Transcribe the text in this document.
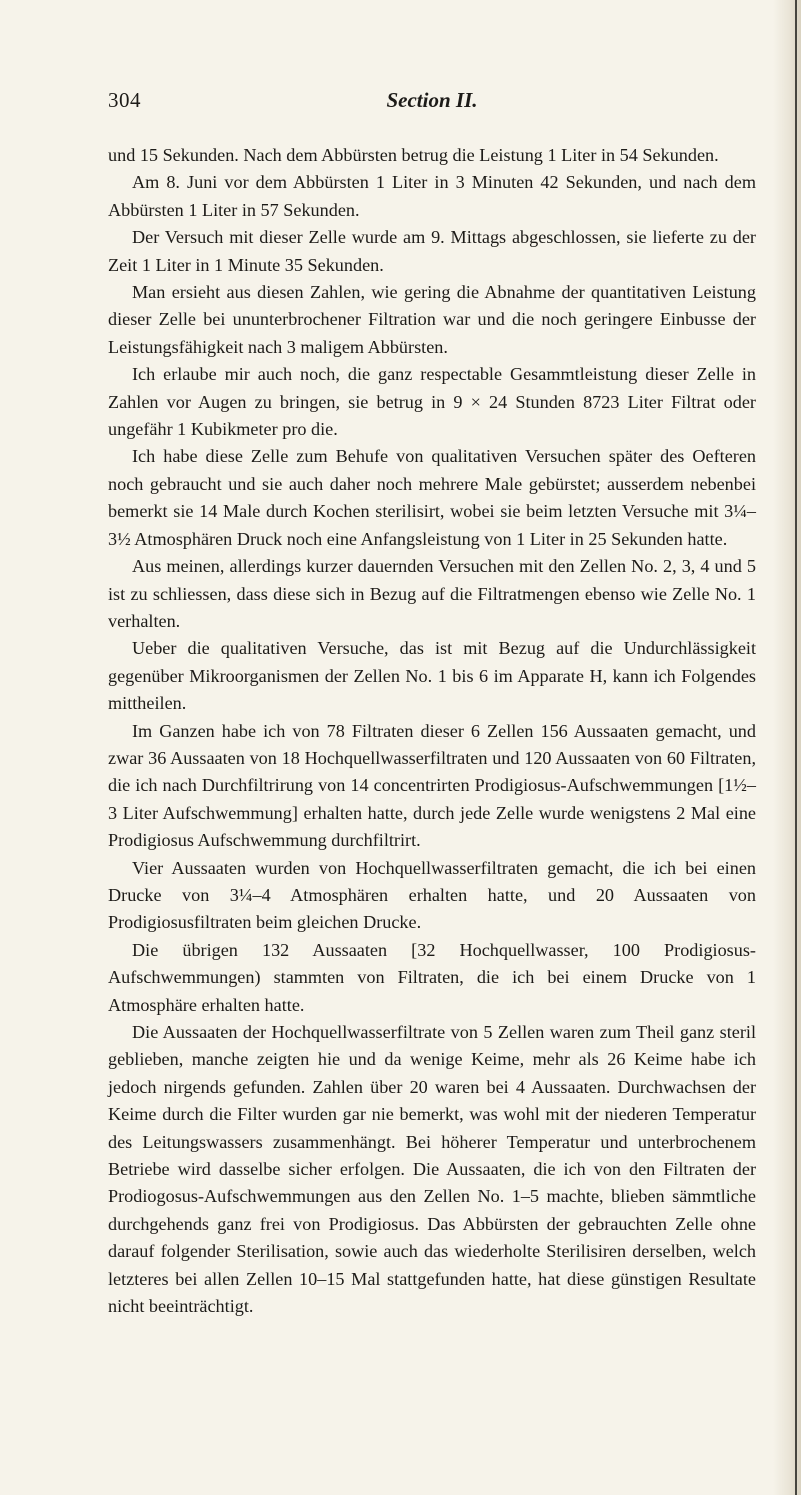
304	Section II.

und 15 Sekunden. Nach dem Abbürsten betrug die Leistung 1 Liter in 54 Sekunden.

Am 8. Juni vor dem Abbürsten 1 Liter in 3 Minuten 42 Sekunden, und nach dem Abbürsten 1 Liter in 57 Sekunden.

Der Versuch mit dieser Zelle wurde am 9. Mittags abgeschlossen, sie lieferte zu der Zeit 1 Liter in 1 Minute 35 Sekunden.

Man ersieht aus diesen Zahlen, wie gering die Abnahme der quantitativen Leistung dieser Zelle bei ununterbrochener Filtration war und die noch geringere Einbusse der Leistungsfähigkeit nach 3 maligem Abbürsten.

Ich erlaube mir auch noch, die ganz respectable Gesammtleistung dieser Zelle in Zahlen vor Augen zu bringen, sie betrug in 9 × 24 Stunden 8723 Liter Filtrat oder ungefähr 1 Kubikmeter pro die.

Ich habe diese Zelle zum Behufe von qualitativen Versuchen später des Oefteren noch gebraucht und sie auch daher noch mehrere Male gebürstet; ausserdem nebenbei bemerkt sie 14 Male durch Kochen sterilisirt, wobei sie beim letzten Versuche mit 3¼–3½ Atmosphären Druck noch eine Anfangsleistung von 1 Liter in 25 Sekunden hatte.

Aus meinen, allerdings kurzer dauernden Versuchen mit den Zellen No. 2, 3, 4 und 5 ist zu schliessen, dass diese sich in Bezug auf die Filtratmengen ebenso wie Zelle No. 1 verhalten.

Ueber die qualitativen Versuche, das ist mit Bezug auf die Undurchlässigkeit gegenüber Mikroorganismen der Zellen No. 1 bis 6 im Apparate H, kann ich Folgendes mittheilen.

Im Ganzen habe ich von 78 Filtraten dieser 6 Zellen 156 Aussaaten gemacht, und zwar 36 Aussaaten von 18 Hochquellwasserfiltraten und 120 Aussaaten von 60 Filtraten, die ich nach Durchfiltrirung von 14 concentrirten Prodigiosus-Aufschwemmungen [1½–3 Liter Aufschwemmung] erhalten hatte, durch jede Zelle wurde wenigstens 2 Mal eine Prodigiosus Aufschwemmung durchfiltrirt.

Vier Aussaaten wurden von Hochquellwasserfiltraten gemacht, die ich bei einen Drucke von 3¼–4 Atmosphären erhalten hatte, und 20 Aussaaten von Prodigiosusfiltraten beim gleichen Drucke.

Die übrigen 132 Aussaaten [32 Hochquellwasser, 100 Prodigiosus-Aufschwemmungen) stammten von Filtraten, die ich bei einem Drucke von 1 Atmosphäre erhalten hatte.

Die Aussaaten der Hochquellwasserfiltrate von 5 Zellen waren zum Theil ganz steril geblieben, manche zeigten hie und da wenige Keime, mehr als 26 Keime habe ich jedoch nirgends gefunden. Zahlen über 20 waren bei 4 Aussaaten. Durchwachsen der Keime durch die Filter wurden gar nie bemerkt, was wohl mit der niederen Temperatur des Leitungswassers zusammenhängt. Bei höherer Temperatur und unterbrochenem Betriebe wird dasselbe sicher erfolgen. Die Aussaaten, die ich von den Filtraten der Prodiogosus-Aufschwemmungen aus den Zellen No. 1–5 machte, blieben sämmtliche durchgehends ganz frei von Prodigiosus. Das Abbürsten der gebrauchten Zelle ohne darauf folgender Sterilisation, sowie auch das wiederholte Sterilisiren derselben, welch letzteres bei allen Zellen 10–15 Mal stattgefunden hatte, hat diese günstigen Resultate nicht beeinträchtigt.
